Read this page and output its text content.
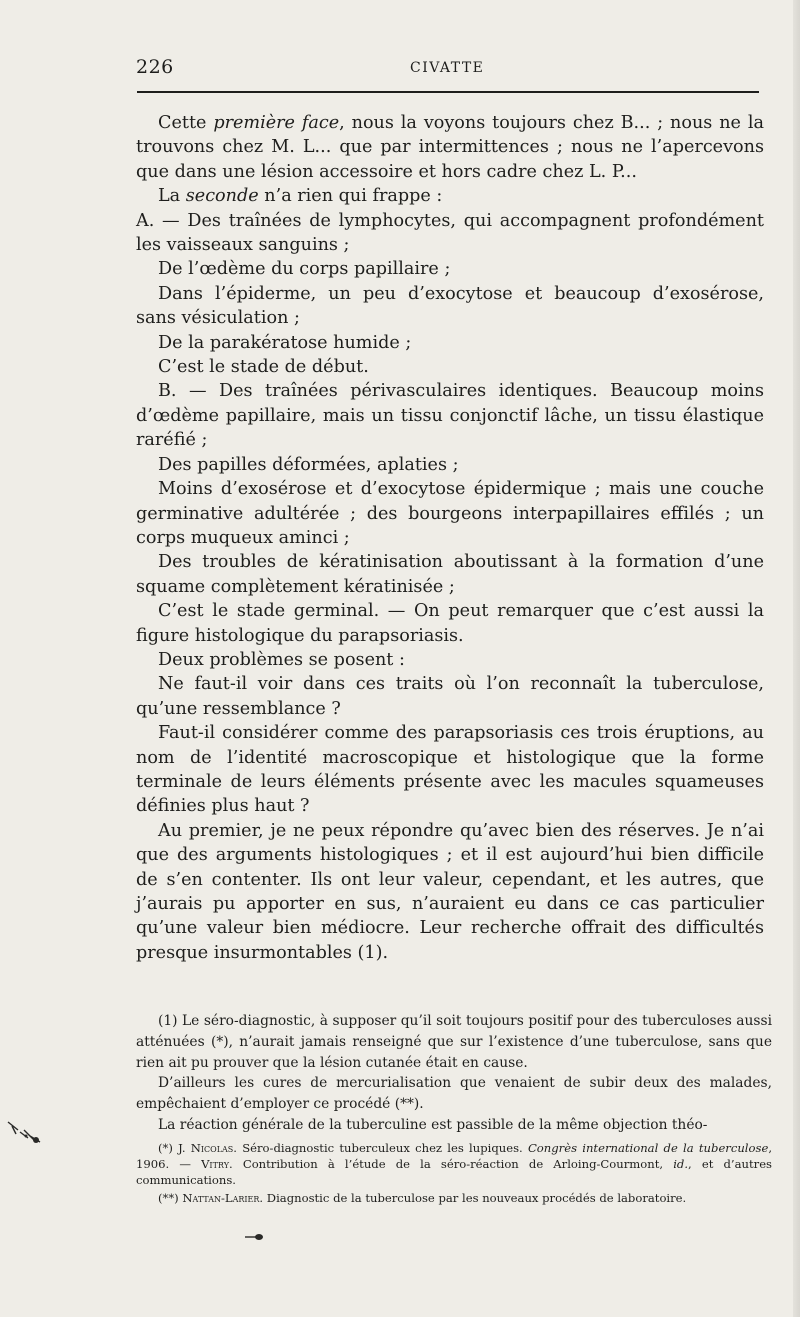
226	CIVATTE

Cette première face, nous la voyons toujours chez B... ; nous ne la trouvons chez M. L... que par intermittences ; nous ne l’apercevons que dans une lésion accessoire et hors cadre chez L. P...

La seconde n’a rien qui frappe :

A. — Des traînées de lymphocytes, qui accompagnent profondément les vaisseaux sanguins ;

De l’œdème du corps papillaire ;

Dans l’épiderme, un peu d’exocytose et beaucoup d’exosérose, sans vésiculation ;

De la parakératose humide ;

C’est le stade de début.

B. — Des traînées périvasculaires identiques. Beaucoup moins d’œdème papillaire, mais un tissu conjonctif lâche, un tissu élastique raréfié ;

Des papilles déformées, aplaties ;

Moins d’exosérose et d’exocytose épidermique ; mais une couche germinative adultérée ; des bourgeons interpapillaires effilés ; un corps muqueux aminci ;

Des troubles de kératinisation aboutissant à la formation d’une squame complètement kératinisée ;

C’est le stade germinal. — On peut remarquer que c’est aussi la figure histologique du parapsoriasis.

Deux problèmes se posent :

Ne faut-il voir dans ces traits où l’on reconnaît la tuberculose, qu’une ressemblance ?

Faut-il considérer comme des parapsoriasis ces trois éruptions, au nom de l’identité macroscopique et histologique que la forme terminale de leurs éléments présente avec les macules squameuses définies plus haut ?

Au premier, je ne peux répondre qu’avec bien des réserves. Je n’ai que des arguments histologiques ; et il est aujourd’hui bien difficile de s’en contenter. Ils ont leur valeur, cependant, et les autres, que j’aurais pu apporter en sus, n’auraient eu dans ce cas particulier qu’une valeur bien médiocre. Leur recherche offrait des difficultés presque insurmontables (1).

(1) Le séro-diagnostic, à supposer qu’il soit toujours positif pour des tuberculoses aussi atténuées (*), n’aurait jamais renseigné que sur l’existence d’une tuberculose, sans que rien ait pu prouver que la lésion cutanée était en cause.

D’ailleurs les cures de mercurialisation que venaient de subir deux des malades, empêchaient d’employer ce procédé (**).

La réaction générale de la tuberculine est passible de la même objection théo-

(*) J. Nicolas. Séro-diagnostic tuberculeux chez les lupiques. Congrès international de la tuberculose, 1906. — Vitry. Contribution à l’étude de la séro-réaction de Arloing-Courmont, id., et d’autres communications.

(**) Nattan-Larier. Diagnostic de la tuberculose par les nouveaux procédés de laboratoire.
